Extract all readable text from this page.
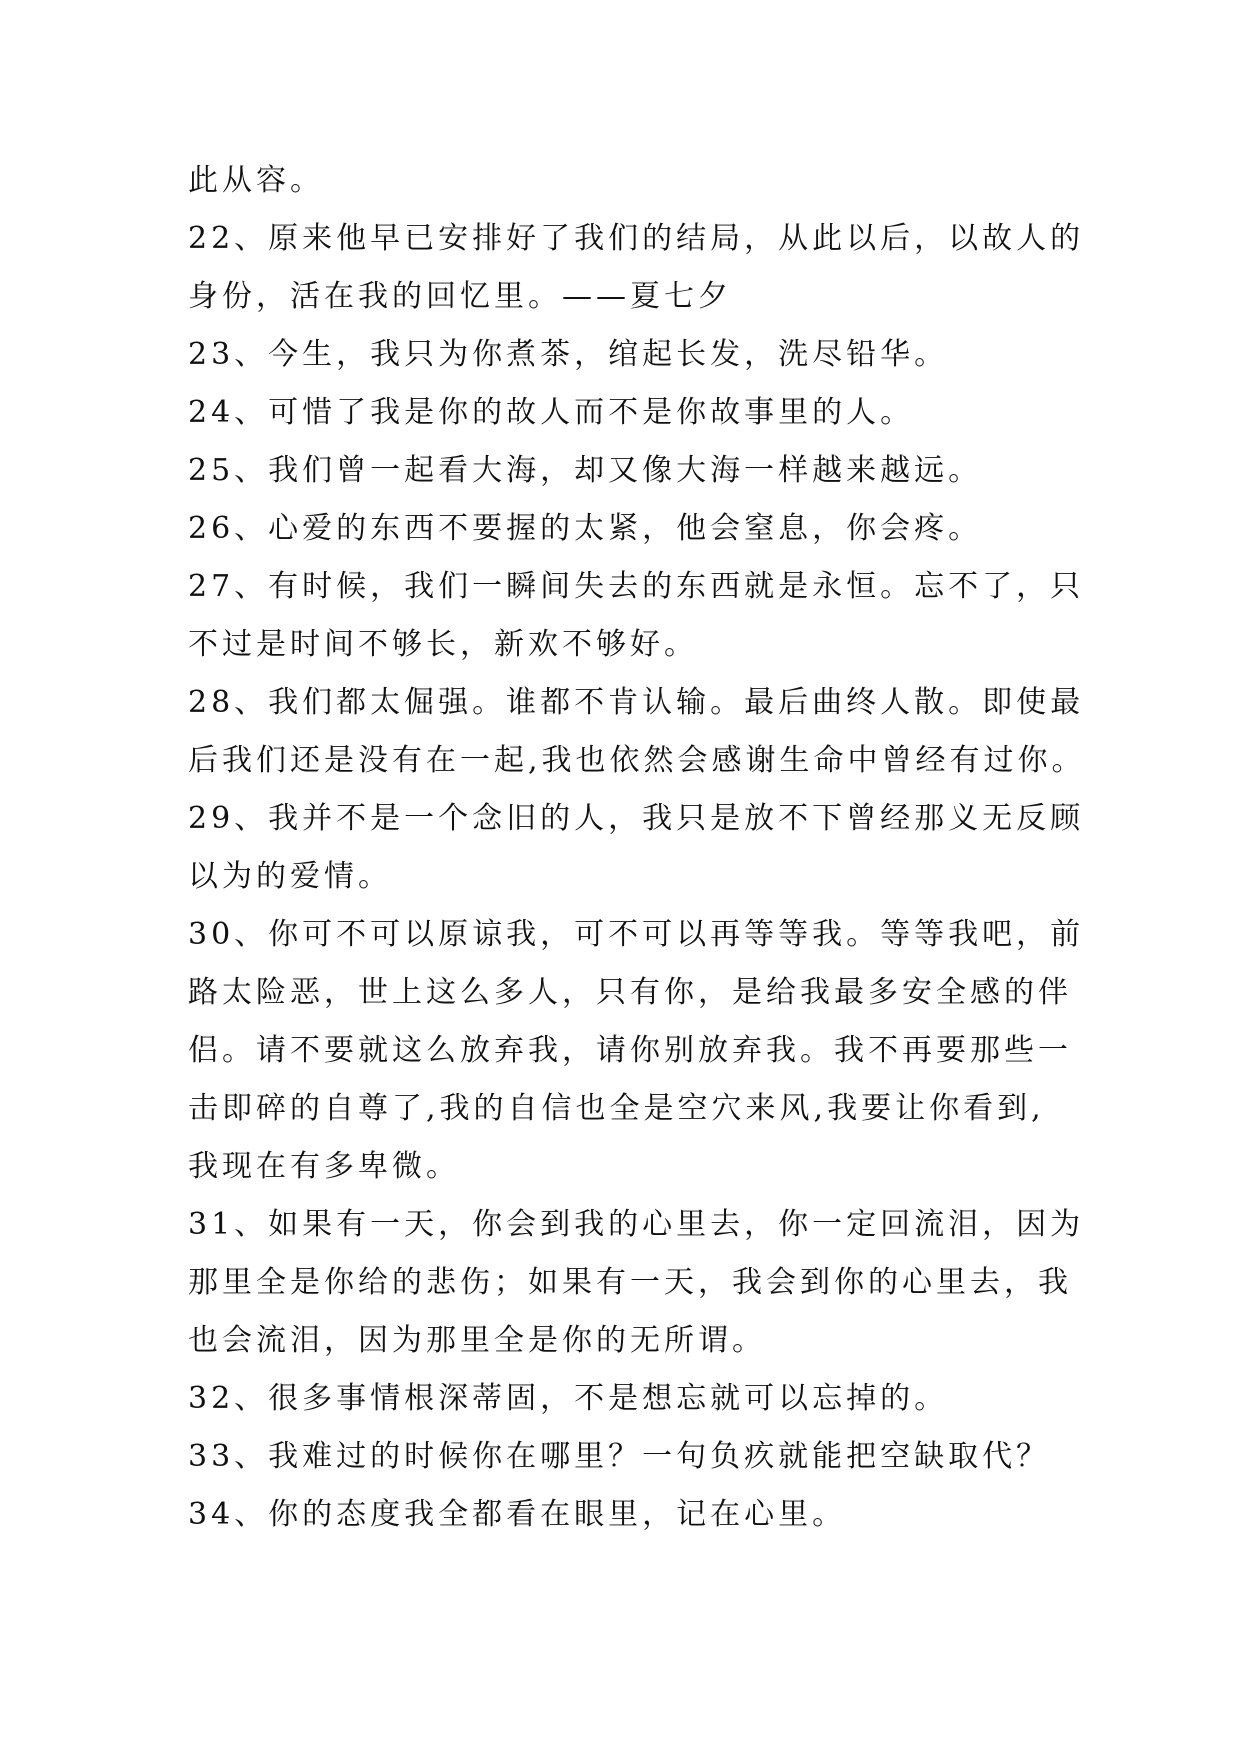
此从容。
22、原来他早已安排好了我们的结局，从此以后，以故人的
身份，活在我的回忆里。——夏七夕
23、今生，我只为你煮茶，绾起长发，洗尽铅华。
24、可惜了我是你的故人而不是你故事里的人。
25、我们曾一起看大海，却又像大海一样越来越远。
26、心爱的东西不要握的太紧，他会窒息，你会疼。
27、有时候，我们一瞬间失去的东西就是永恒。忘不了，只
不过是时间不够长，新欢不够好。
28、我们都太倔强。谁都不肯认输。最后曲终人散。即使最
后我们还是没有在一起,我也依然会感谢生命中曾经有过你。
29、我并不是一个念旧的人，我只是放不下曾经那义无反顾
以为的爱情。
30、你可不可以原谅我，可不可以再等等我。等等我吧，前
路太险恶，世上这么多人，只有你，是给我最多安全感的伴
侣。请不要就这么放弃我，请你别放弃我。我不再要那些一
击即碎的自尊了,我的自信也全是空穴来风,我要让你看到,
我现在有多卑微。
31、如果有一天，你会到我的心里去，你一定回流泪，因为
那里全是你给的悲伤；如果有一天，我会到你的心里去，我
也会流泪，因为那里全是你的无所谓。
32、很多事情根深蒂固，不是想忘就可以忘掉的。
33、我难过的时候你在哪里？一句负疚就能把空缺取代？
34、你的态度我全都看在眼里，记在心里。
